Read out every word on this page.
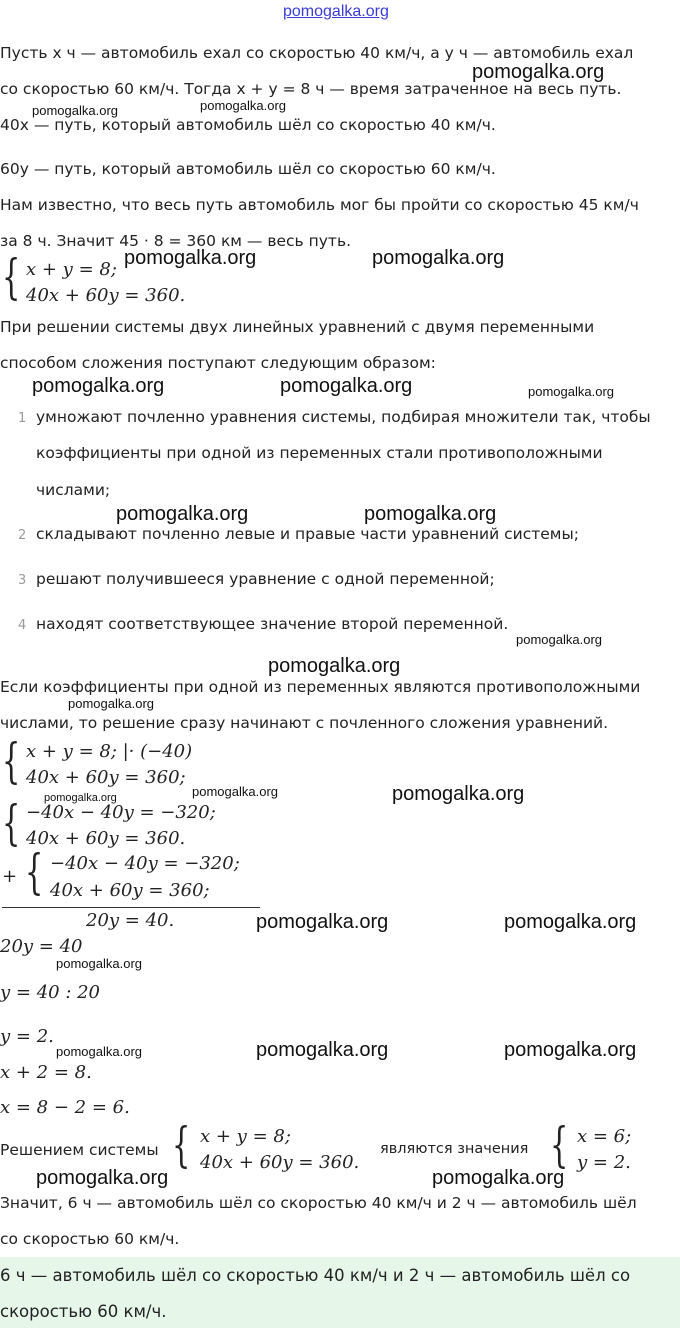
pomogalka.org
pomogalka.org
pomogalka.org	pomogalka.org
pomogalka.org	pomogalka.org
pomogalka.org	pomogalka.org	pomogalka.org
pomogalka.org	pomogalka.org
pomogalka.org
pomogalka.org
pomogalka.org
pomogalka.org
pomogalka.org	pomogalka.org
pomogalka.org	pomogalka.org
pomogalka.org
pomogalka.org	pomogalka.org	pomogalka.org
pomogalka.org	pomogalka.org
Пусть x ч — автомобиль ехал со скоростью 40 км/ч, а y ч — автомобиль ехал
со скоростью 60 км/ч. Тогда x + y = 8 ч — время затраченное на весь путь.
40x — путь, который автомобиль шёл со скоростью 40 км/ч.
60y — путь, который автомобиль шёл со скоростью 60 км/ч.
Нам известно, что весь путь автомобиль мог бы пройти со скоростью 45 км/ч
за 8 ч. Значит 45 · 8 = 360 км — весь путь.
{ x + y = 8;
40x + 60y = 360.
При решении системы двух линейных уравнений с двумя переменными
способом сложения поступают следующим образом:
1 умножают почленно уравнения системы, подбирая множители так, чтобы
коэффициенты при одной из переменных стали противоположными
числами;
2 складывают почленно левые и правые части уравнений системы;
3 решают получившееся уравнение с одной переменной;
4 находят соответствующее значение второй переменной.
Если коэффициенты при одной из переменных являются противоположными
числами, то решение сразу начинают с почленного сложения уравнений.
{ x + y = 8; |· (−40)
40x + 60y = 360;
{ −40x − 40y = −320;
40x + 60y = 360.
+ { −40x − 40y = −320;
40x + 60y = 360;
20y = 40.
20y = 40
y = 40 : 20
y = 2.
x + 2 = 8.
x = 8 − 2 = 6.
Решением системы { x + y = 8;
40x + 60y = 360.
являются значения { x = 6;
y = 2.
Значит, 6 ч — автомобиль шёл со скоростью 40 км/ч и 2 ч — автомобиль шёл
со скоростью 60 км/ч.
6 ч — автомобиль шёл со скоростью 40 км/ч и 2 ч — автомобиль шёл со
скоростью 60 км/ч.
